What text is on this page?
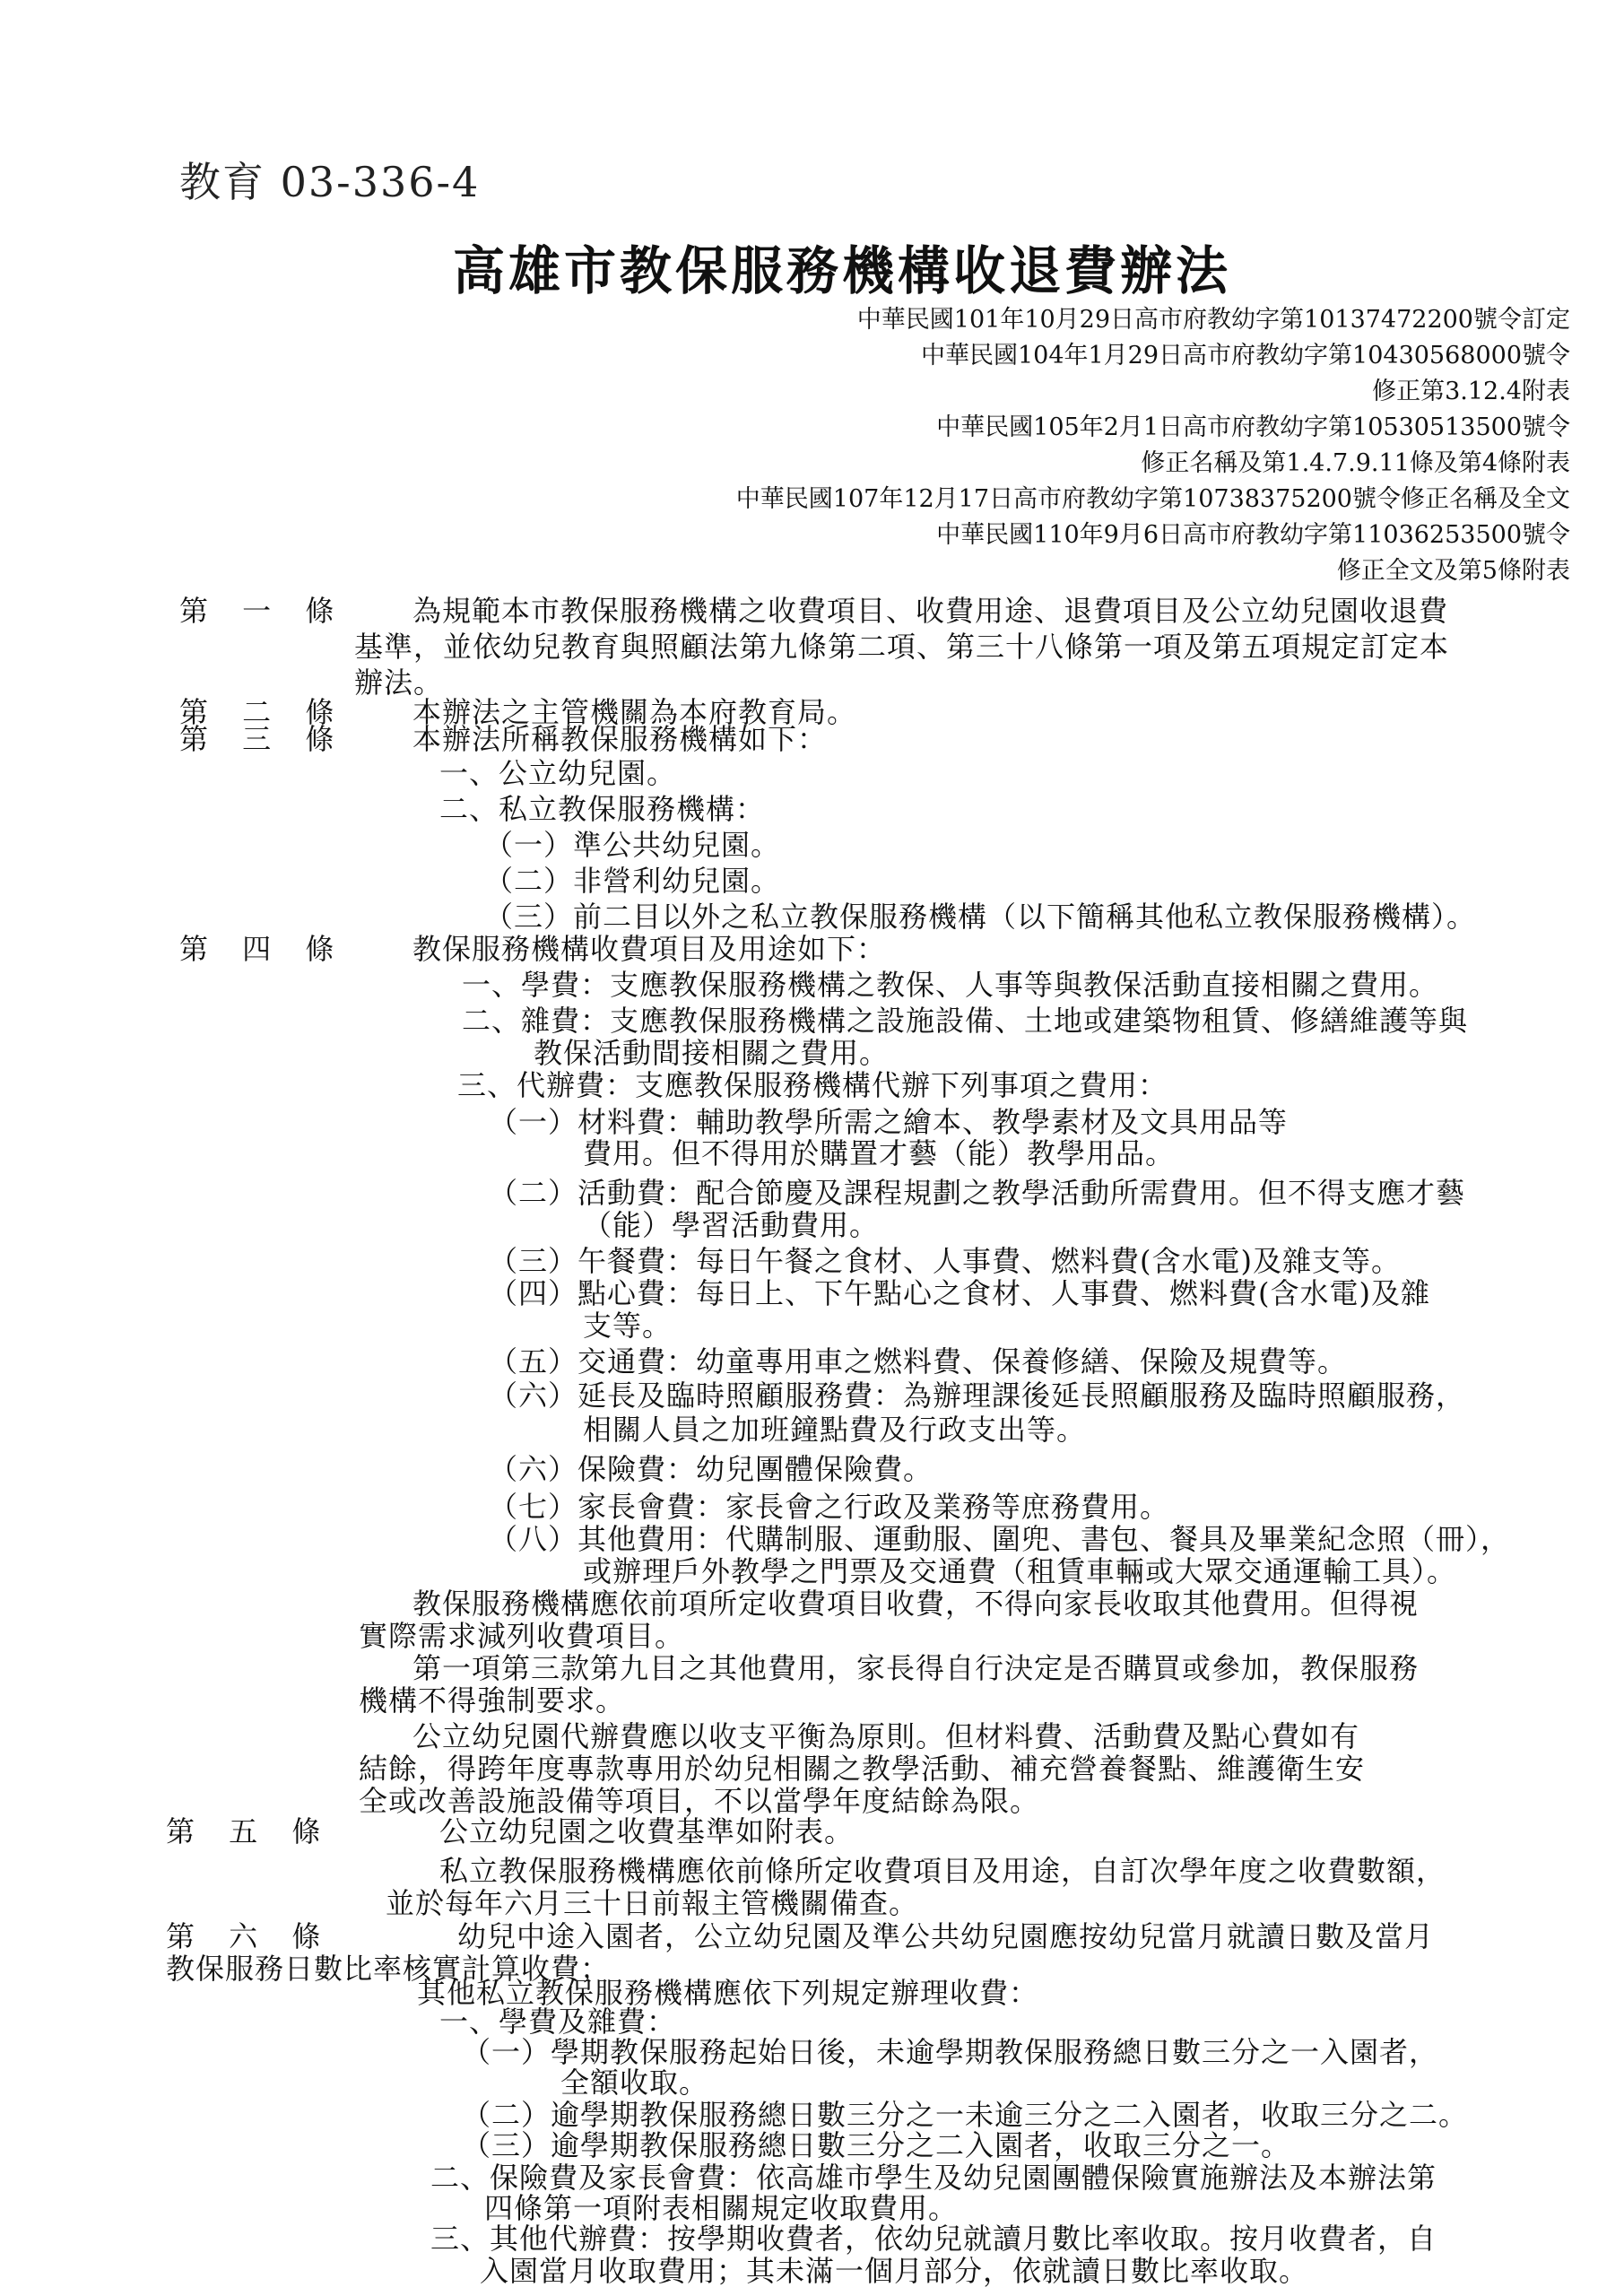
教育 03-336-4
高雄市教保服務機構收退費辦法
中華民國101年10月29日高市府教幼字第10137472200號令訂定
中華民國104年1月29日高市府教幼字第10430568000號令
修正第3.12.4附表
中華民國105年2月1日高市府教幼字第10530513500號令
修正名稱及第1.4.7.9.11條及第4條附表
中華民國107年12月17日高市府教幼字第10738375200號令修正名稱及全文
中華民國110年9月6日高市府教幼字第11036253500號令
修正全文及第5條附表
第 一 條 為規範本市教保服務機構之收費項目、收費用途、退費項目及公立幼兒園收退費
基準，並依幼兒教育與照顧法第九條第二項、第三十八條第一項及第五項規定訂定本
辦法。
第 二 條 本辦法之主管機關為本府教育局。
第 三 條 本辦法所稱教保服務機構如下：
一、公立幼兒園。
二、私立教保服務機構：
（一）準公共幼兒園。
（二）非營利幼兒園。
（三）前二目以外之私立教保服務機構（以下簡稱其他私立教保服務機構）。
第 四 條 教保服務機構收費項目及用途如下：
一、學費：支應教保服務機構之教保、人事等與教保活動直接相關之費用。
二、雜費：支應教保服務機構之設施設備、土地或建築物租賃、修繕維護等與
教保活動間接相關之費用。
三、代辦費：支應教保服務機構代辦下列事項之費用：
（一）材料費：輔助教學所需之繪本、教學素材及文具用品等
費用。但不得用於購置才藝（能）教學用品。
（二）活動費：配合節慶及課程規劃之教學活動所需費用。但不得支應才藝
（能）學習活動費用。
（三）午餐費：每日午餐之食材、人事費、燃料費(含水電)及雜支等。
（四）點心費：每日上、下午點心之食材、人事費、燃料費(含水電)及雜
支等。
（五）交通費：幼童專用車之燃料費、保養修繕、保險及規費等。
（六）延長及臨時照顧服務費：為辦理課後延長照顧服務及臨時照顧服務，
相關人員之加班鐘點費及行政支出等。
（六）保險費：幼兒團體保險費。
（七）家長會費：家長會之行政及業務等庶務費用。
（八）其他費用：代購制服、運動服、圍兜、書包、餐具及畢業紀念照（冊），
或辦理戶外教學之門票及交通費（租賃車輛或大眾交通運輸工具）。
教保服務機構應依前項所定收費項目收費，不得向家長收取其他費用。但得視
實際需求減列收費項目。
第一項第三款第九目之其他費用，家長得自行決定是否購買或參加，教保服務
機構不得強制要求。
公立幼兒園代辦費應以收支平衡為原則。但材料費、活動費及點心費如有
結餘，得跨年度專款專用於幼兒相關之教學活動、補充營養餐點、維護衛生安
全或改善設施設備等項目，不以當學年度結餘為限。
第 五 條	公立幼兒園之收費基準如附表。
私立教保服務機構應依前條所定收費項目及用途，自訂次學年度之收費數額，
並於每年六月三十日前報主管機關備查。
第 六 條	幼兒中途入園者，公立幼兒園及準公共幼兒園應按幼兒當月就讀日數及當月
教保服務日數比率核實計算收費；
其他私立教保服務機構應依下列規定辦理收費：
一、學費及雜費：
（一）學期教保服務起始日後，未逾學期教保服務總日數三分之一入園者，
全額收取。
（二）逾學期教保服務總日數三分之一未逾三分之二入園者，收取三分之二。
（三）逾學期教保服務總日數三分之二入園者，收取三分之一。
二、保險費及家長會費：依高雄市學生及幼兒園團體保險實施辦法及本辦法第
四條第一項附表相關規定收取費用。
三、其他代辦費：按學期收費者，依幼兒就讀月數比率收取。按月收費者，自
入園當月收取費用；其未滿一個月部分，依就讀日數比率收取。
